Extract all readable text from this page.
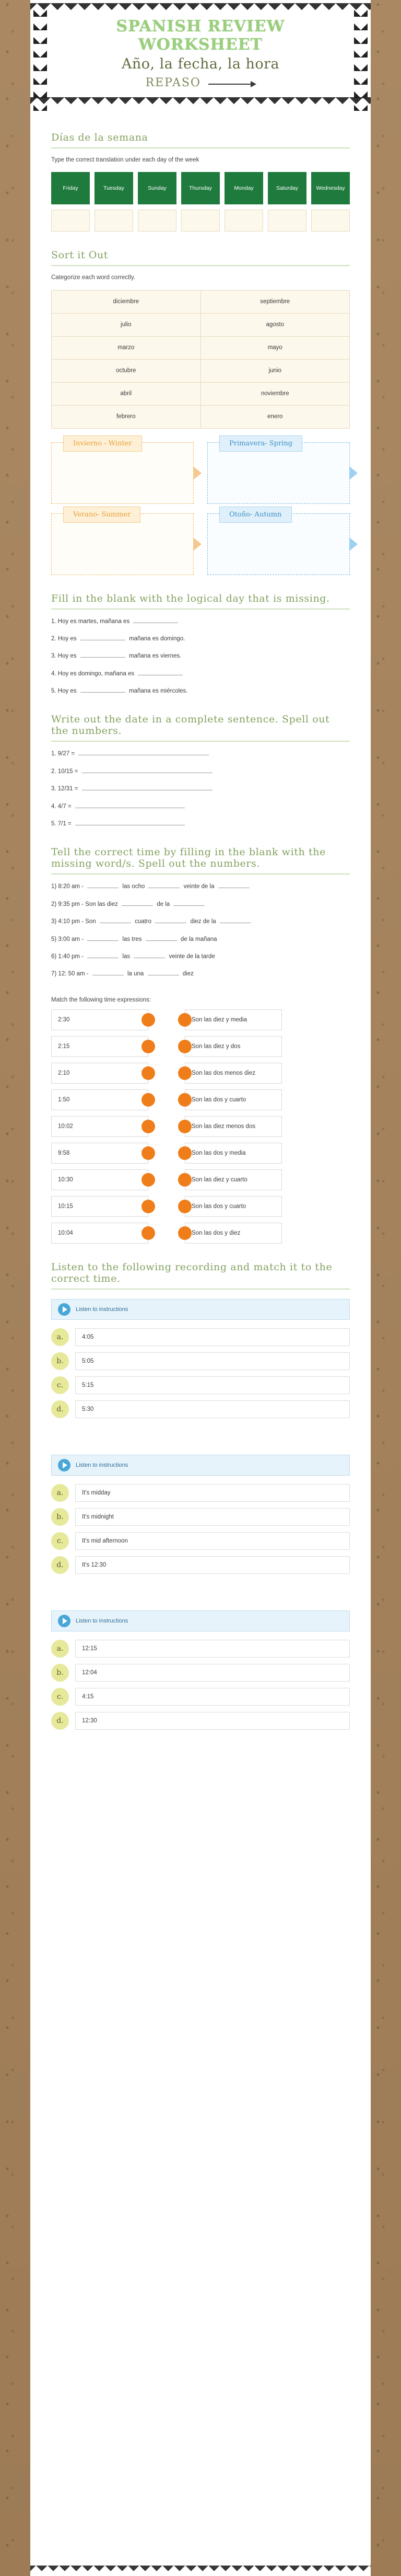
SPANISH REVIEW WORKSHEET
Año, la fecha, la hora
REPASO
Días de la semana

Type the correct translation under each day of the week

Friday	Tuesday	Sunday	Thursday	Monday	Saturday	Wednesday
Sort it Out

Categorize each word correctly.

diciembre	septiembre
julio	agosto
marzo	mayo
octubre	junio
abril	noviembre
febrero	enero
Invierno - Winter	Primavera- Spring
Verano- Summer	Otoño- Autumn
Fill in the blank with the logical day that is missing.
1. Hoy es martes, mañana es
2. Hoy es	mañana es domingo.
3. Hoy es	mañana es viernes.
4. Hoy es domingo, mañana es
5. Hoy es	mañana es miércoles.
Write out the date in a complete sentence. Spell out the numbers.
1. 9/27 =
2. 10/15 =
3. 12/31 =
4. 4/7 =
5. 7/1 =
Tell the correct time by filling in the blank with the missing word/s. Spell out the numbers.
1) 8:20 am -	las ocho	veinte de la
2) 9:35 pm - Son las diez	de la
3) 4:10 pm - Son	cuatro	diez de la
5) 3:00 am -	las tres	de la mañana
6) 1:40 pm -	las	veinte de la tarde
7) 12: 50 am -	la una	diez

Match the following time expressions:

2:30	Son las diez y media
2:15	Son las diez y dos
2:10	Son las dos menos diez
1:50	Son las dos y cuarto
10:02	Son las diez menos dos
9:58	Son las dos y media
10:30	Son las diez y cuarto
10:15	Son las dos y cuarto
10:04	Son las dos y diez
Listen to the following recording and match it to the correct time.
Listen to instructions
a.	4:05
b.	5:05
c.	5:15
d.	5:30
Listen to instructions
a.	It's midday
b.	It's midnight
c.	It's mid afternoon
d.	It's 12:30
Listen to instructions
a.	12:15
b.	12:04
c.	4:15
d.	12:30
